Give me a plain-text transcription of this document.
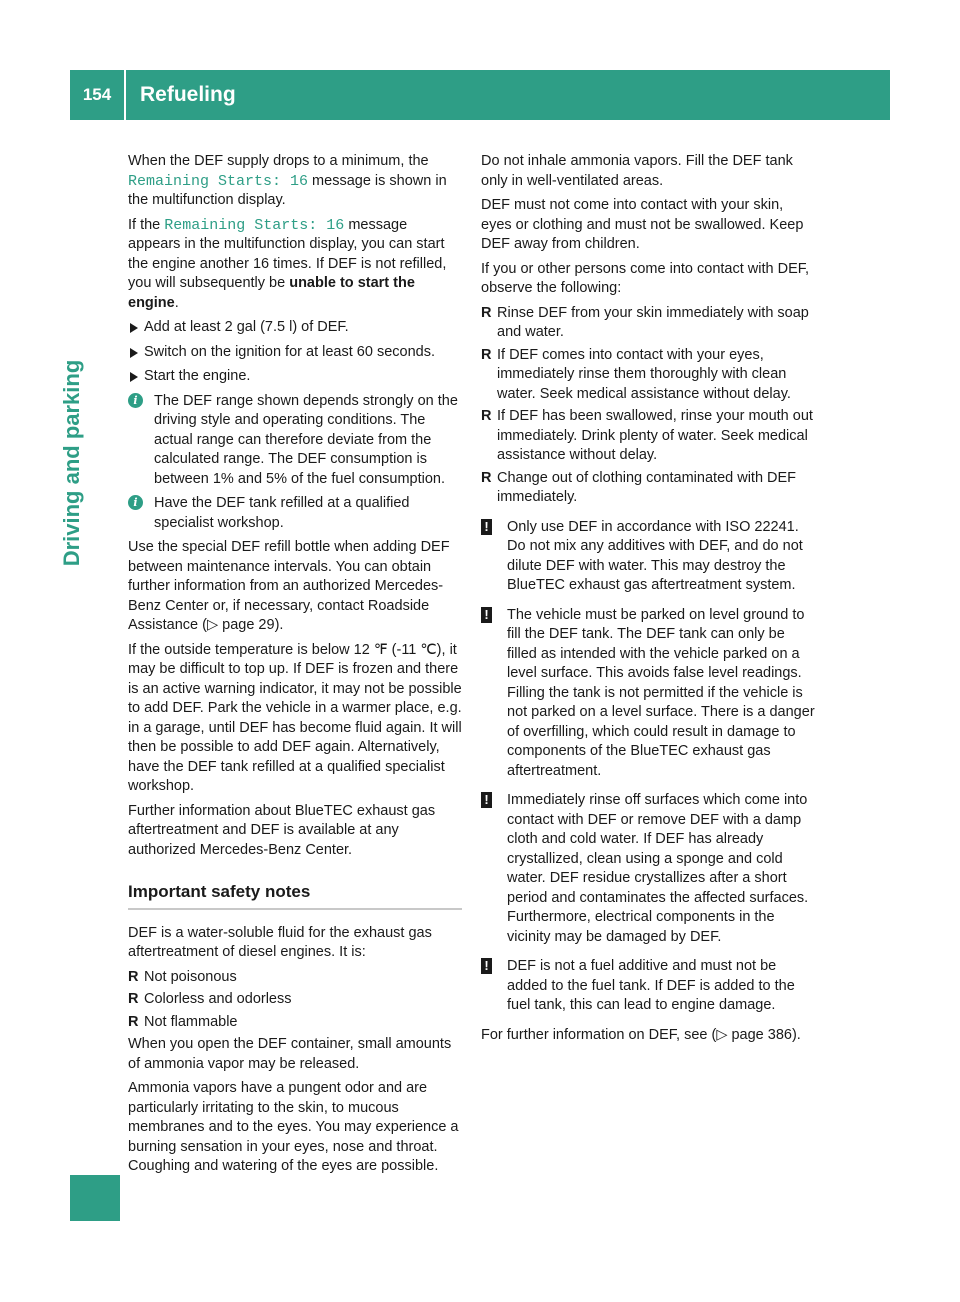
154	Refueling
Driving and parking

When the DEF supply drops to a minimum, the Remaining Starts: 16 message is shown in the multifunction display.

If the Remaining Starts: 16 message appears in the multifunction display, you can start the engine another 16 times. If DEF is not refilled, you will subsequently be unable to start the engine.

Add at least 2 gal (7.5 l) of DEF.
Switch on the ignition for at least 60 seconds.
Start the engine.
i	The DEF range shown depends strongly on the driving style and operating conditions. The actual range can therefore deviate from the calculated range. The DEF consumption is between 1% and 5% of the fuel consumption.
i	Have the DEF tank refilled at a qualified specialist workshop.

Use the special DEF refill bottle when adding DEF between maintenance intervals. You can obtain further information from an authorized Mercedes-Benz Center or, if necessary, contact Roadside Assistance (▷ page 29).

If the outside temperature is below 12 ℉ (-11 ℃), it may be difficult to top up. If DEF is frozen and there is an active warning indicator, it may not be possible to add DEF. Park the vehicle in a warmer place, e.g. in a garage, until DEF has become fluid again. It will then be possible to add DEF again. Alternatively, have the DEF tank refilled at a qualified specialist workshop.

Further information about BlueTEC exhaust gas aftertreatment and DEF is available at any authorized Mercedes-Benz Center.

Important safety notes

DEF is a water-soluble fluid for the exhaust gas aftertreatment of diesel engines. It is:

R Not poisonous
R Colorless and odorless
R Not flammable

When you open the DEF container, small amounts of ammonia vapor may be released.

Ammonia vapors have a pungent odor and are particularly irritating to the skin, to mucous membranes and to the eyes. You may experience a burning sensation in your eyes, nose and throat. Coughing and watering of the eyes are possible.

Do not inhale ammonia vapors. Fill the DEF tank only in well-ventilated areas.

DEF must not come into contact with your skin, eyes or clothing and must not be swallowed. Keep DEF away from children.

If you or other persons come into contact with DEF, observe the following:

R Rinse DEF from your skin immediately with soap and water.
R If DEF comes into contact with your eyes, immediately rinse them thoroughly with clean water. Seek medical assistance without delay.
R If DEF has been swallowed, rinse your mouth out immediately. Drink plenty of water. Seek medical assistance without delay.
R Change out of clothing contaminated with DEF immediately.
! Only use DEF in accordance with ISO 22241. Do not mix any additives with DEF, and do not dilute DEF with water. This may destroy the BlueTEC exhaust gas aftertreatment system.
! The vehicle must be parked on level ground to fill the DEF tank. The DEF tank can only be filled as intended with the vehicle parked on a level surface. This avoids false level readings. Filling the tank is not permitted if the vehicle is not parked on a level surface. There is a danger of overfilling, which could result in damage to components of the BlueTEC exhaust gas aftertreatment.
! Immediately rinse off surfaces which come into contact with DEF or remove DEF with a damp cloth and cold water. If DEF has already crystallized, clean using a sponge and cold water. DEF residue crystallizes after a short period and contaminates the affected surfaces. Furthermore, electrical components in the vicinity may be damaged by DEF.
! DEF is not a fuel additive and must not be added to the fuel tank. If DEF is added to the fuel tank, this can lead to engine damage.

For further information on DEF, see (▷ page 386).
